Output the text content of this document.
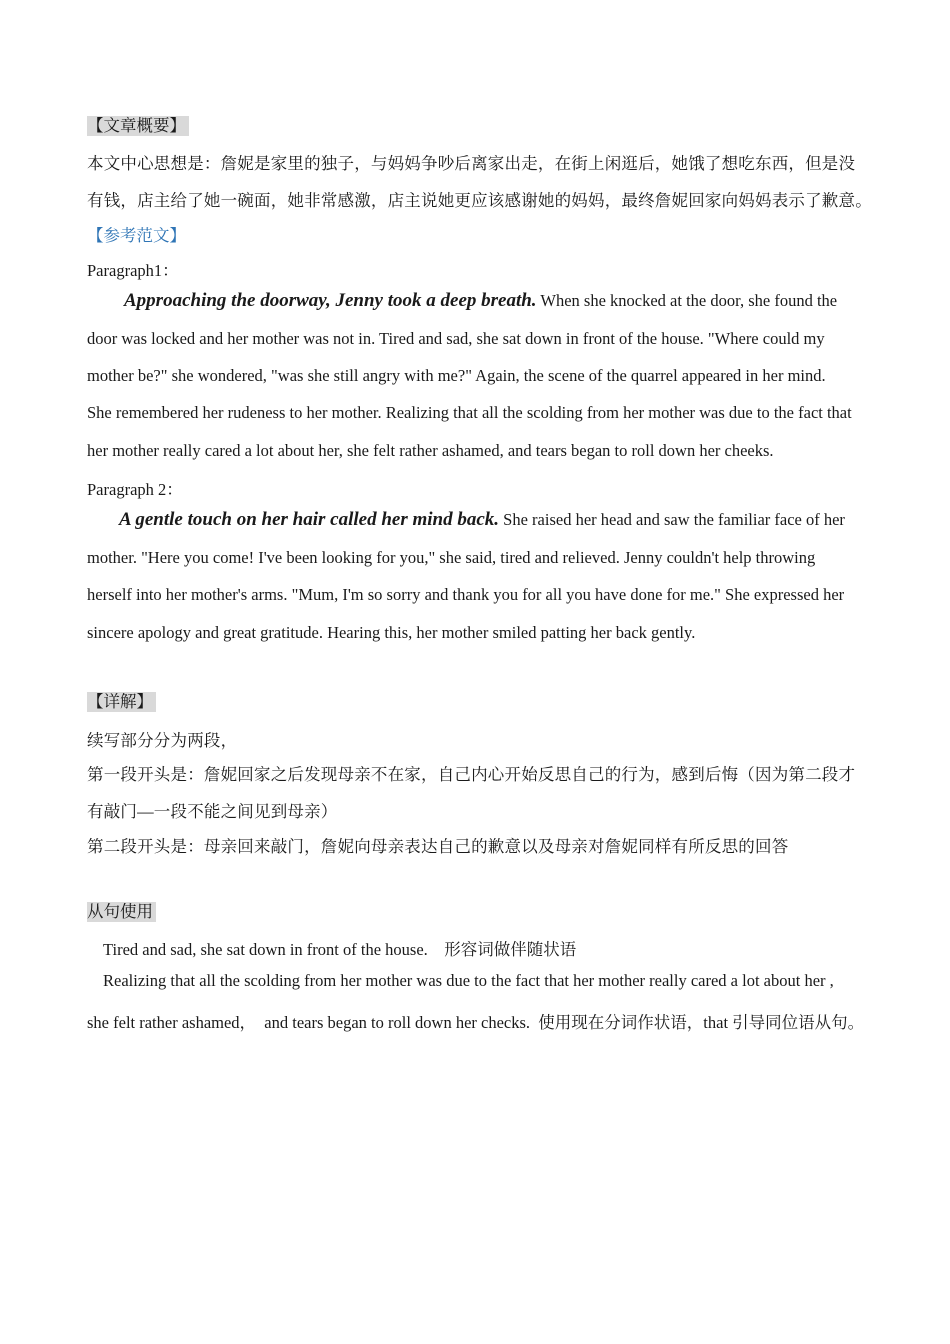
【文章概要】
本文中心思想是：詹妮是家里的独子，与妈妈争吵后离家出走，在街上闲逛后，她饿了想吃东西，但是没
有钱，店主给了她一碗面，她非常感激，店主说她更应该感谢她的妈妈，最终詹妮回家向妈妈表示了歉意。
【参考范文】
Paragraph1：
Approaching the doorway, Jenny took a deep breath. When she knocked at the door, she found the
door was locked and her mother was not in. Tired and sad, she sat down in front of the house. "Where could my
mother be?" she wondered, "was she still angry with me?" Again, the scene of the quarrel appeared in her mind.
She remembered her rudeness to her mother. Realizing that all the scolding from her mother was due to the fact that
her mother really cared a lot about her, she felt rather ashamed, and tears began to roll down her cheeks.
Paragraph 2：
A gentle touch on her hair called her mind back. She raised her head and saw the familiar face of her
mother. "Here you come! I've been looking for you," she said, tired and relieved. Jenny couldn't help throwing
herself into her mother's arms. "Mum, I'm so sorry and thank you for all you have done for me." She expressed her
sincere apology and great gratitude. Hearing this, her mother smiled patting her back gently.
【详解】
续写部分分为两段，
第一段开头是：詹妮回家之后发现母亲不在家，自己内心开始反思自己的行为，感到后悔（因为第二段才
有敲门—一段不能之间见到母亲）
第二段开头是：母亲回来敲门，詹妮向母亲表达自己的歉意以及母亲对詹妮同样有所反思的回答
从句使用
Tired and sad, she sat down in front of the house.    形容词做伴随状语
Realizing that all the scolding from her mother was due to the fact that her mother really cared a lot about her ,
she felt rather ashamed，  and tears began to roll down her checks.  使用现在分词作状语，that 引导同位语从句。
